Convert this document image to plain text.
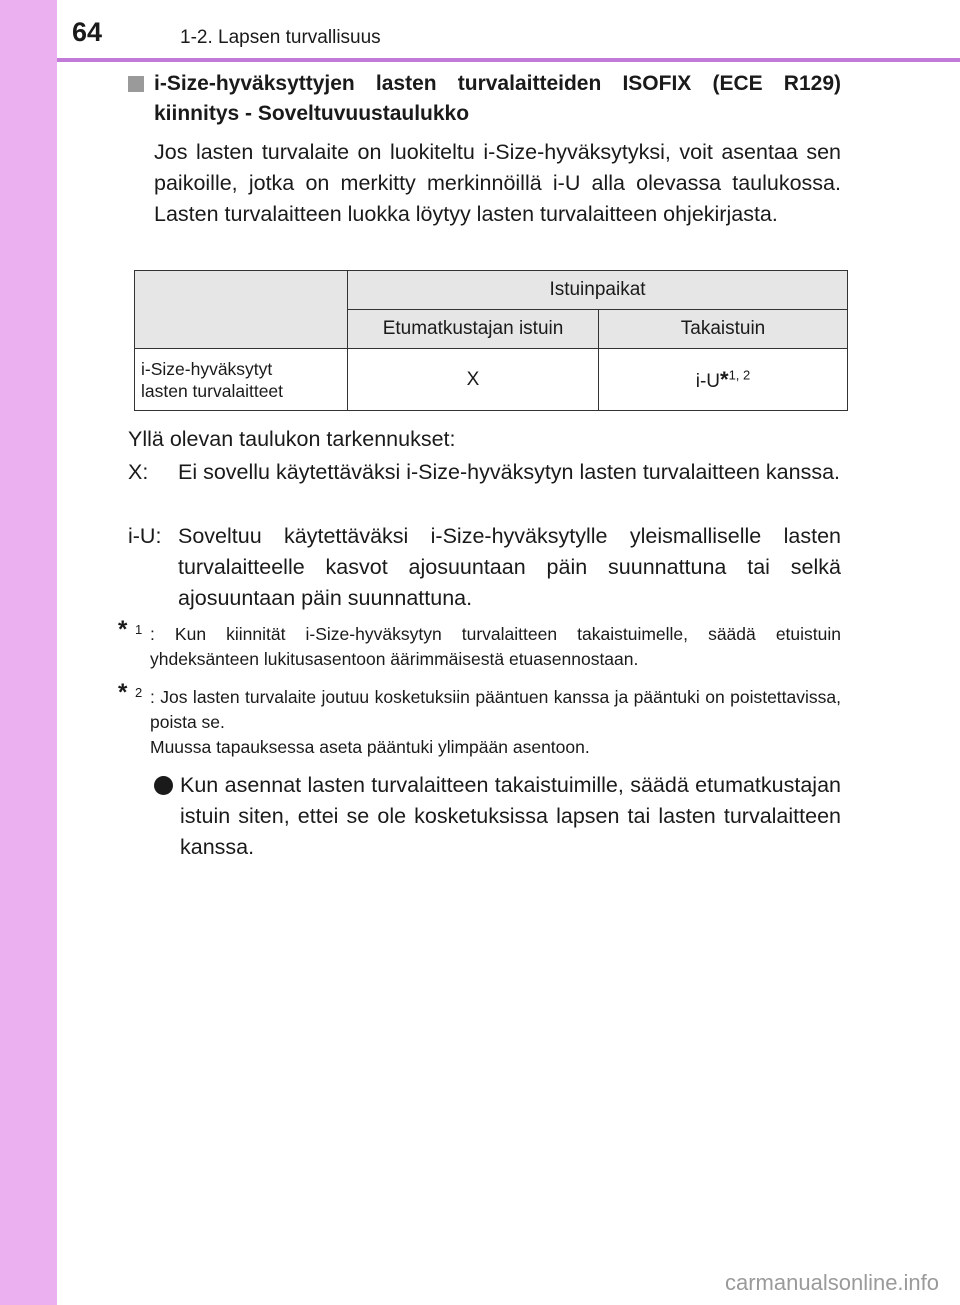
64	1-2. Lapsen turvallisuus
i-Size-hyväksyttyjen lasten turvalaitteiden ISOFIX (ECE R129) kiinnitys - Soveltuvuustaulukko
Jos lasten turvalaite on luokiteltu i-Size-hyväksytyksi, voit asentaa sen paikoille, jotka on merkitty merkinnöillä i-U alla olevassa taulukossa. Lasten turvalaitteen luokka löytyy lasten turvalaitteen ohjekirjasta.
	Istuinpaikat	
	Etumatkustajan istuin	Takaistuin
i-Size-hyväksytyt
lasten turvalaitteet	X	i-U*$^{1, 2}$
Yllä olevan taulukon tarkennukset:
X: Ei sovellu käytettäväksi i-Size-hyväksytyn lasten turvalaitteen kanssa.
i-U: Soveltuu käytettäväksi i-Size-hyväksytylle yleismalliselle lasten turvalaitteelle kasvot ajosuuntaan päin suunnattuna tai selkä ajosuuntaan päin suunnattuna.
* 1 : Kun kiinnität i-Size-hyväksytyn turvalaitteen takaistuimelle, säädä etuistuin yhdeksänteen lukitusasentoon äärimmäisestä etuasennostaan.
* 2 : Jos lasten turvalaite joutuu kosketuksiin pääntuen kanssa ja pääntuki on poistettavissa, poista se.
Muussa tapauksessa aseta pääntuki ylimpään asentoon.
Kun asennat lasten turvalaitteen takaistuimille, säädä etumatkustajan istuin siten, ettei se ole kosketuksissa lapsen tai lasten turvalaitteen kanssa.
carmanualsonline.info
